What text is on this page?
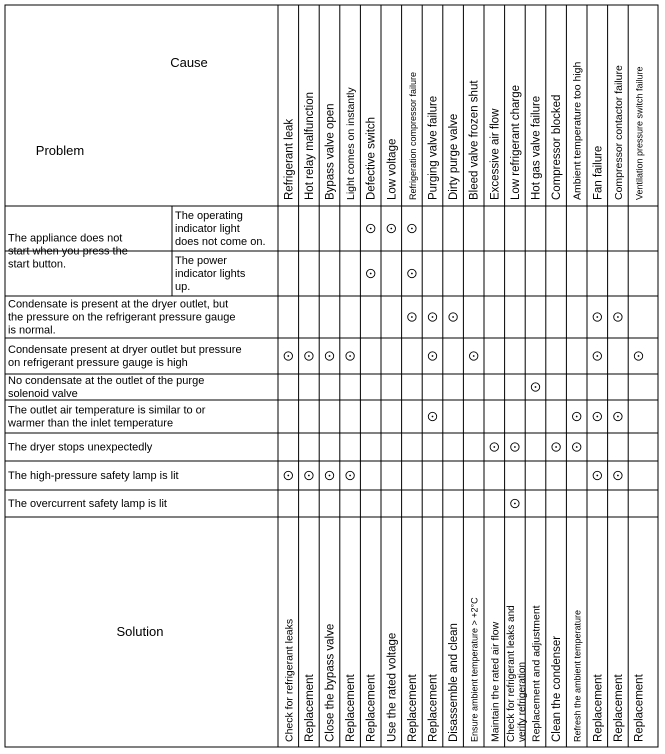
Cause
Problem
Solution
Refrigerant leak Hot relay malfunction Bypass valve open Light comes on instantly Defective switch Low voltage Refrigeration compressor failure Purging valve failure Dirty purge valve Bleed valve frozen shut Excessive air flow Low refrigerant charge Hot gas valve failure Compressor blocked Ambient temperature too high Fan failure Compressor contactor failure Ventilation pressure switch failure
Check for refrigerant leaks Replacement Close the bypass valve Replacement Replacement Use the rated voltage Replacement Replacement Disassemble and clean Ensure ambient temperature > +2°C Maintain the rated air flow Check for refrigerant leaks andverify refrigeration Replacement and adjustment Clean the condenser Refresh the ambient temperature Replacement Replacement Replacement
The appliance does not start when you press the start button.
The operating indicator light does not come on.
The power indicator lights up.
Condensate is present at the dryer outlet, but the pressure on the refrigerant pressure gauge is normal.
Condensate present at dryer outlet but pressure on refrigerant pressure gauge is high
No condensate at the outlet of the purge solenoid valve
The outlet air temperature is similar to or warmer than the inlet temperature
The dryer stops unexpectedly
The high-pressure safety lamp is lit
The overcurrent safety lamp is lit
